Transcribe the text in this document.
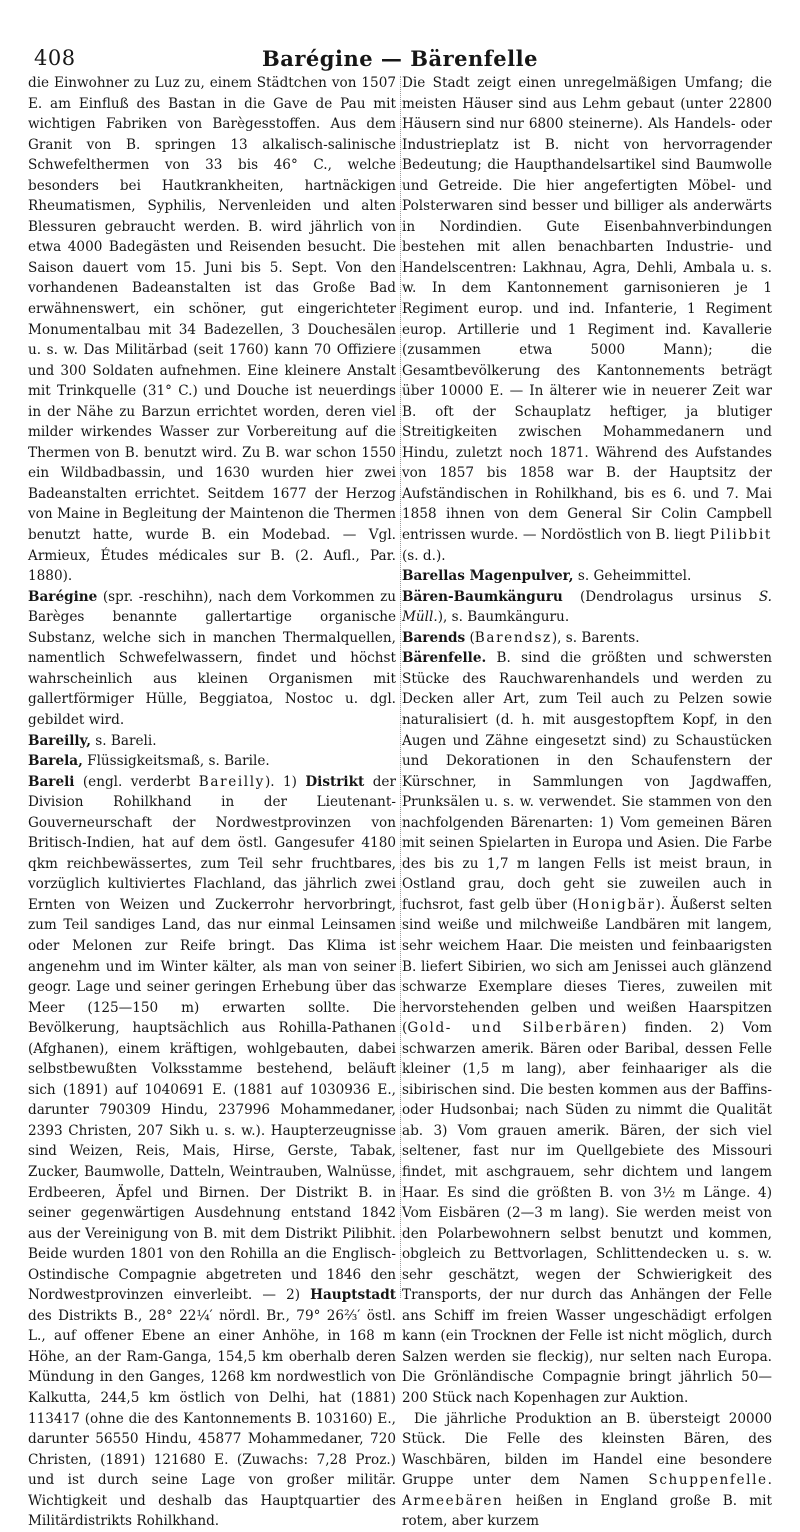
408	Barégine — Bärenfelle

die Einwohner zu Luz zu, einem Städtchen von 1507 E. am Einfluß des Bastan in die Gave de Pau mit wichtigen Fabriken von Barègesstoffen. Aus dem Granit von B. springen 13 alkalisch-salinische Schwefelthermen von 33 bis 46° C., welche besonders bei Hautkrankheiten, hartnäckigen Rheumatismen, Syphilis, Nervenleiden und alten Blessuren gebraucht werden. B. wird jährlich von etwa 4000 Badegästen und Reisenden besucht. Die Saison dauert vom 15. Juni bis 5. Sept. Von den vorhandenen Badeanstalten ist das Große Bad erwähnenswert, ein schöner, gut eingerichteter Monumentalbau mit 34 Badezellen, 3 Douchesälen u. s. w. Das Militärbad (seit 1760) kann 70 Offiziere und 300 Soldaten aufnehmen. Eine kleinere Anstalt mit Trinkquelle (31° C.) und Douche ist neuerdings in der Nähe zu Barzun errichtet worden, deren viel milder wirkendes Wasser zur Vorbereitung auf die Thermen von B. benutzt wird. Zu B. war schon 1550 ein Wildbadbassin, und 1630 wurden hier zwei Badeanstalten errichtet. Seitdem 1677 der Herzog von Maine in Begleitung der Maintenon die Thermen benutzt hatte, wurde B. ein Modebad. — Vgl. Armieux, Études médicales sur B. (2. Aufl., Par. 1880).

Barégine (spr. -reschihn), nach dem Vorkommen zu Barèges benannte gallertartige organische Substanz, welche sich in manchen Thermalquellen, namentlich Schwefelwassern, findet und höchst wahrscheinlich aus kleinen Organismen mit gallertförmiger Hülle, Beggiatoa, Nostoc u. dgl. gebildet wird.

Bareilly, s. Bareli.

Barela, Flüssigkeitsmaß, s. Barile.

Bareli (engl. verderbt Bareilly). 1) Distrikt der Division Rohilkhand in der Lieutenant-Gouverneurschaft der Nordwestprovinzen von Britisch-Indien, hat auf dem östl. Gangesufer 4180 qkm reichbewässertes, zum Teil sehr fruchtbares, vorzüglich kultiviertes Flachland, das jährlich zwei Ernten von Weizen und Zuckerrohr hervorbringt, zum Teil sandiges Land, das nur einmal Leinsamen oder Melonen zur Reife bringt. Das Klima ist angenehm und im Winter kälter, als man von seiner geogr. Lage und seiner geringen Erhebung über das Meer (125—150 m) erwarten sollte. Die Bevölkerung, hauptsächlich aus Rohilla-Pathanen (Afghanen), einem kräftigen, wohlgebauten, dabei selbstbewußten Volksstamme bestehend, beläuft sich (1891) auf 1040691 E. (1881 auf 1030936 E., darunter 790309 Hindu, 237996 Mohammedaner, 2393 Christen, 207 Sikh u. s. w.). Haupterzeugnisse sind Weizen, Reis, Mais, Hirse, Gerste, Tabak, Zucker, Baumwolle, Datteln, Weintrauben, Walnüsse, Erdbeeren, Äpfel und Birnen. Der Distrikt B. in seiner gegenwärtigen Ausdehnung entstand 1842 aus der Vereinigung von B. mit dem Distrikt Pilibhit. Beide wurden 1801 von den Rohilla an die Englisch-Ostindische Compagnie abgetreten und 1846 den Nordwestprovinzen einverleibt. — 2) Hauptstadt des Distrikts B., 28° 22¼′ nördl. Br., 79° 26⅔′ östl. L., auf offener Ebene an einer Anhöhe, in 168 m Höhe, an der Ram-Ganga, 154,5 km oberhalb deren Mündung in den Ganges, 1268 km nordwestlich von Kalkutta, 244,5 km östlich von Delhi, hat (1881) 113417 (ohne die des Kantonnements B. 103160) E., darunter 56550 Hindu, 45877 Mohammedaner, 720 Christen, (1891) 121680 E. (Zuwachs: 7,28 Proz.) und ist durch seine Lage von großer militär. Wichtigkeit und deshalb das Hauptquartier des Militärdistrikts Rohilkhand.

Die Stadt zeigt einen unregelmäßigen Umfang; die meisten Häuser sind aus Lehm gebaut (unter 22800 Häusern sind nur 6800 steinerne). Als Handels- oder Industrieplatz ist B. nicht von hervorragender Bedeutung; die Haupthandelsartikel sind Baumwolle und Getreide. Die hier angefertigten Möbel- und Polsterwaren sind besser und billiger als anderwärts in Nordindien. Gute Eisenbahnverbindungen bestehen mit allen benachbarten Industrie- und Handelscentren: Lakhnau, Agra, Dehli, Ambala u. s. w. In dem Kantonnement garnisonieren je 1 Regiment europ. und ind. Infanterie, 1 Regiment europ. Artillerie und 1 Regiment ind. Kavallerie (zusammen etwa 5000 Mann); die Gesamtbevölkerung des Kantonnements beträgt über 10000 E. — In älterer wie in neuerer Zeit war B. oft der Schauplatz heftiger, ja blutiger Streitigkeiten zwischen Mohammedanern und Hindu, zuletzt noch 1871. Während des Aufstandes von 1857 bis 1858 war B. der Hauptsitz der Aufständischen in Rohilkhand, bis es 6. und 7. Mai 1858 ihnen von dem General Sir Colin Campbell entrissen wurde. — Nordöstlich von B. liegt Pilibbit (s. d.).

Barellas Magenpulver, s. Geheimmittel.

Bären-Baumkänguru (Dendrolagus ursinus S. Müll.), s. Baumkänguru.

Barends (Barendsz), s. Barents.

Bärenfelle. B. sind die größten und schwersten Stücke des Rauchwarenhandels und werden zu Decken aller Art, zum Teil auch zu Pelzen sowie naturalisiert (d. h. mit ausgestopftem Kopf, in den Augen und Zähne eingesetzt sind) zu Schaustücken und Dekorationen in den Schaufenstern der Kürschner, in Sammlungen von Jagdwaffen, Prunksälen u. s. w. verwendet. Sie stammen von den nachfolgenden Bärenarten: 1) Vom gemeinen Bären mit seinen Spielarten in Europa und Asien. Die Farbe des bis zu 1,7 m langen Fells ist meist braun, in Ostland grau, doch geht sie zuweilen auch in fuchsrot, fast gelb über (Honigbär). Äußerst selten sind weiße und milchweiße Landbären mit langem, sehr weichem Haar. Die meisten und feinbaarigsten B. liefert Sibirien, wo sich am Jenissei auch glänzend schwarze Exemplare dieses Tieres, zuweilen mit hervorstehenden gelben und weißen Haarspitzen (Gold- und Silberbären) finden. 2) Vom schwarzen amerik. Bären oder Baribal, dessen Felle kleiner (1,5 m lang), aber feinhaariger als die sibirischen sind. Die besten kommen aus der Baffins- oder Hudsonbai; nach Süden zu nimmt die Qualität ab. 3) Vom grauen amerik. Bären, der sich viel seltener, fast nur im Quellgebiete des Missouri findet, mit aschgrauem, sehr dichtem und langem Haar. Es sind die größten B. von 3½ m Länge. 4) Vom Eisbären (2—3 m lang). Sie werden meist von den Polarbewohnern selbst benutzt und kommen, obgleich zu Bettvorlagen, Schlittendecken u. s. w. sehr geschätzt, wegen der Schwierigkeit des Transports, der nur durch das Anhängen der Felle ans Schiff im freien Wasser ungeschädigt erfolgen kann (ein Trocknen der Felle ist nicht möglich, durch Salzen werden sie fleckig), nur selten nach Europa. Die Grönländische Compagnie bringt jährlich 50—200 Stück nach Kopenhagen zur Auktion.

Die jährliche Produktion an B. übersteigt 20000 Stück. Die Felle des kleinsten Bären, des Waschbären, bilden im Handel eine besondere Gruppe unter dem Namen Schuppenfelle. Armeebären heißen in England große B. mit rotem, aber kurzem
